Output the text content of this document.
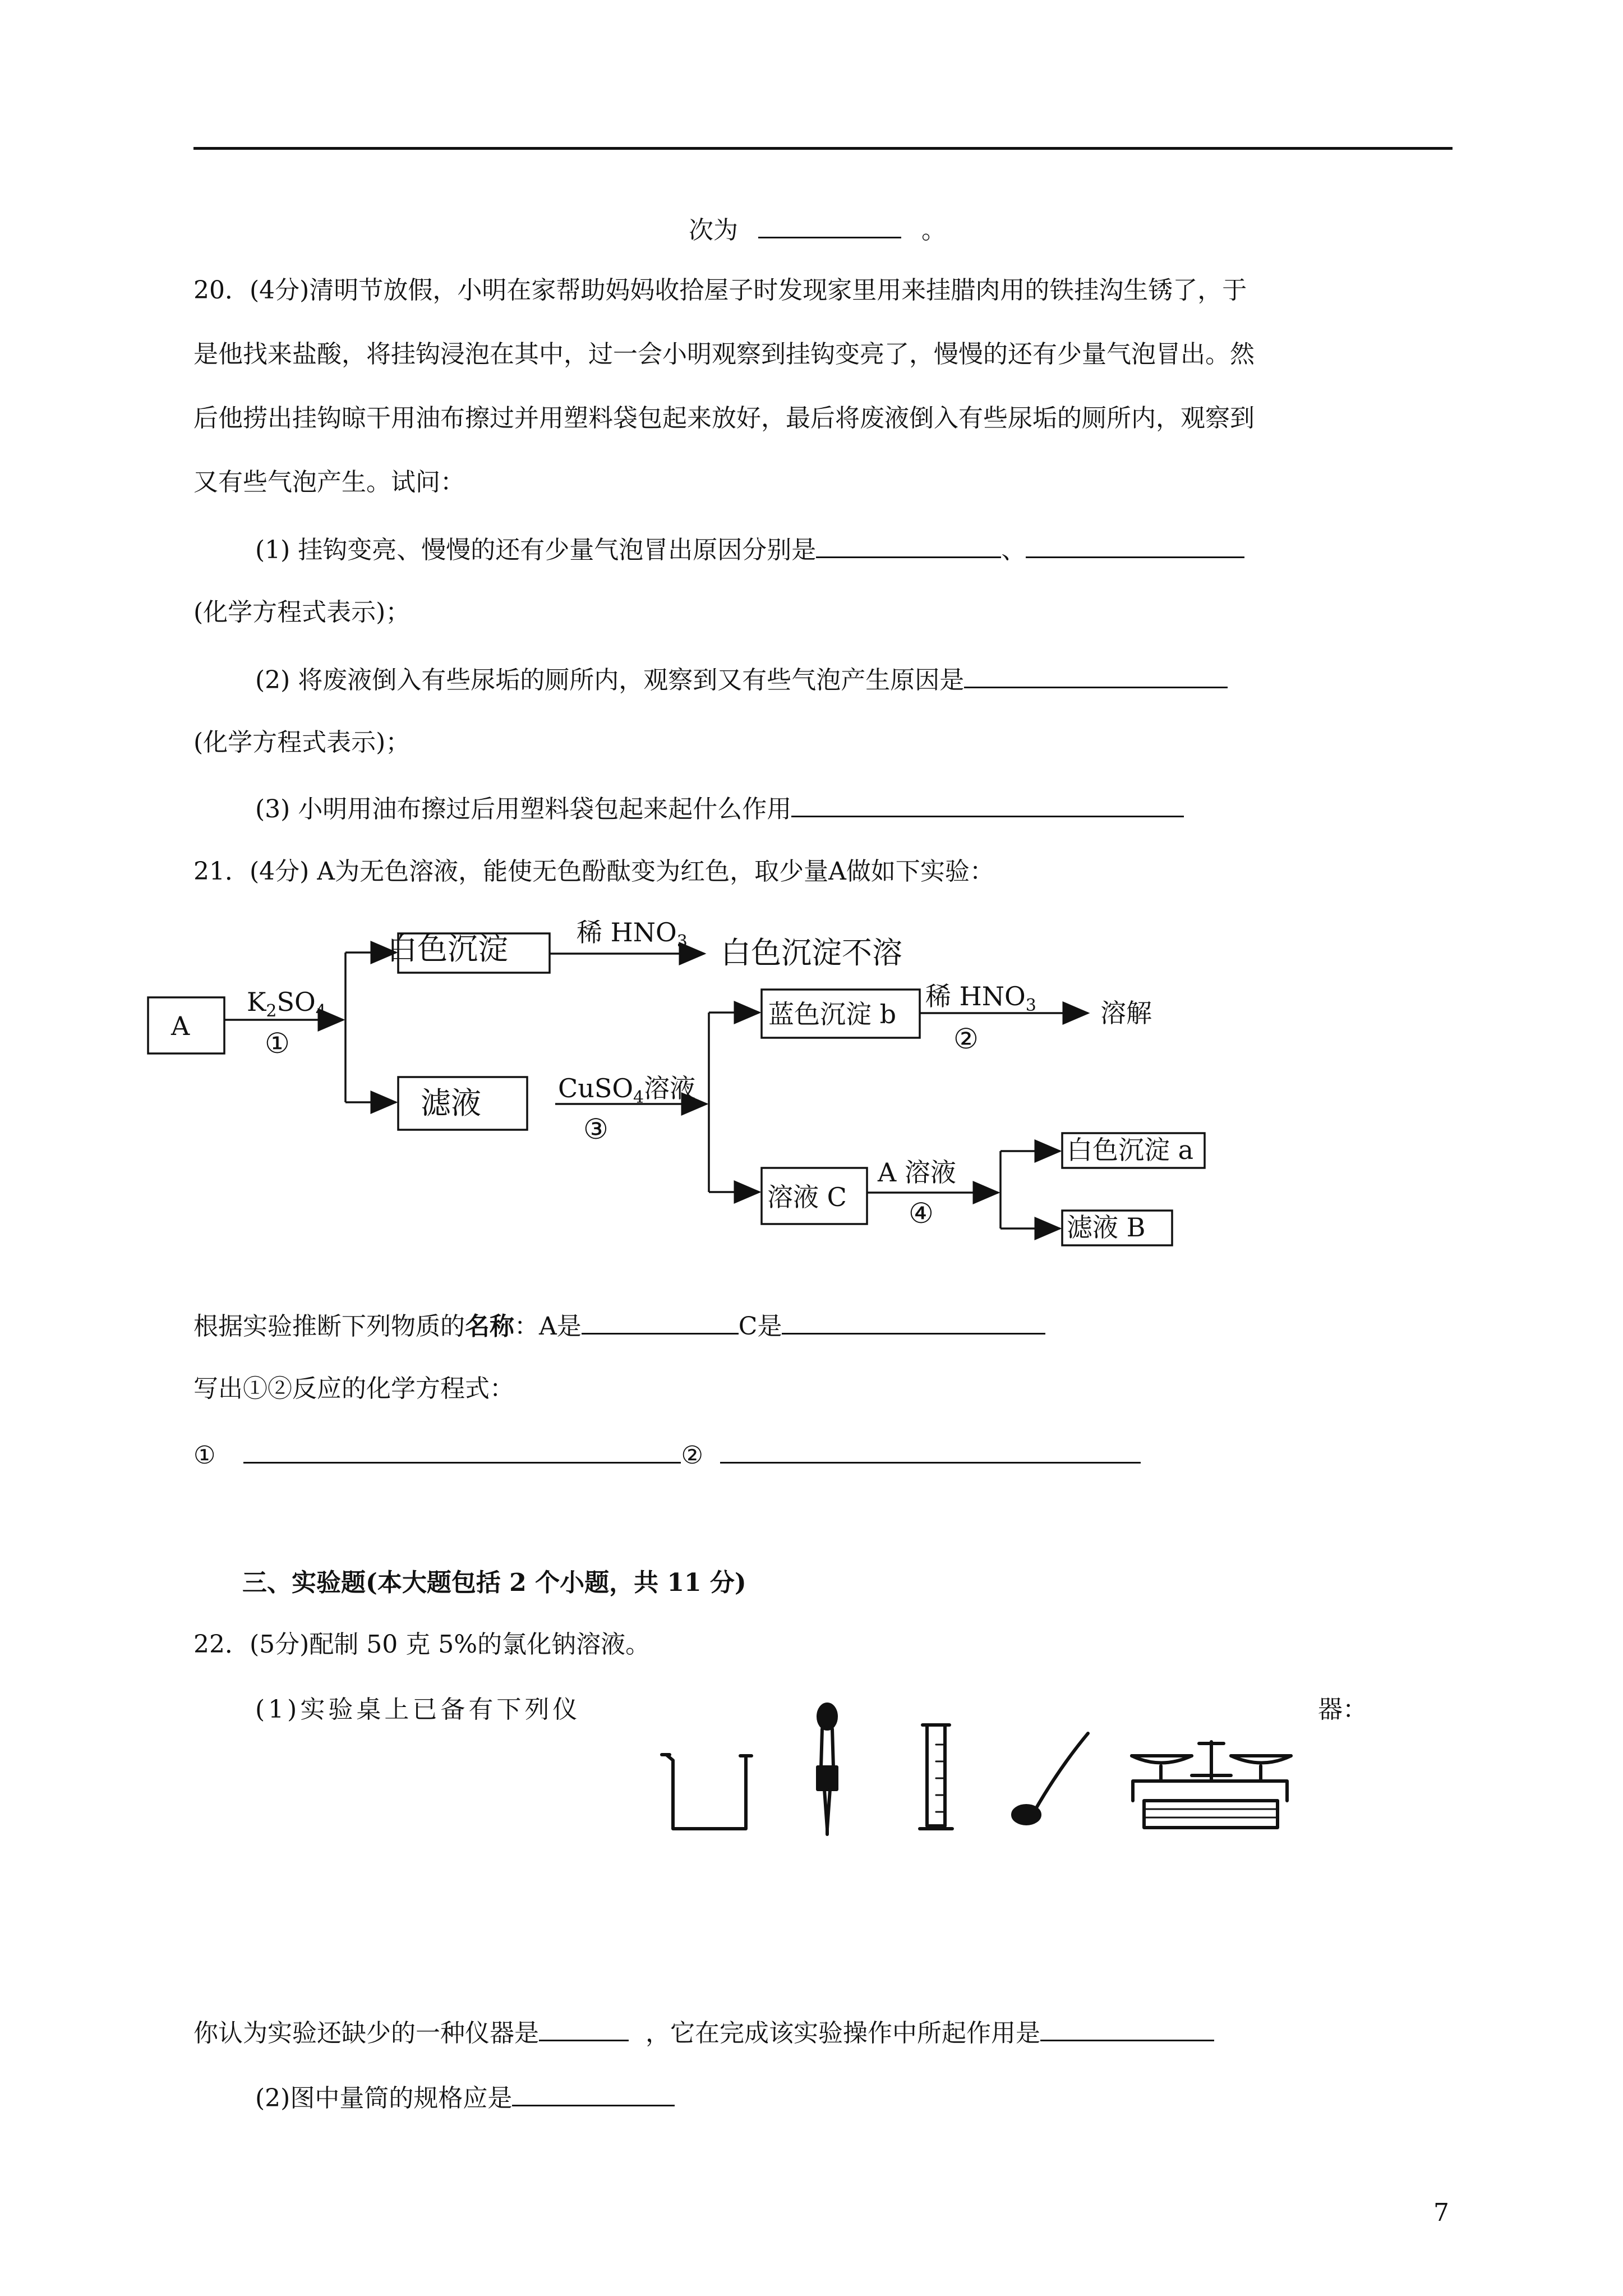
次为	。
20．(4分)清明节放假，小明在家帮助妈妈收拾屋子时发现家里用来挂腊肉用的铁挂沟生锈了，于
是他找来盐酸，将挂钩浸泡在其中，过一会小明观察到挂钩变亮了，慢慢的还有少量气泡冒出。然
后他捞出挂钩晾干用油布擦过并用塑料袋包起来放好，最后将废液倒入有些尿垢的厕所内，观察到
又有些气泡产生。试问：
(1) 挂钩变亮、慢慢的还有少量气泡冒出原因分别是	、
(化学方程式表示)；
(2) 将废液倒入有些尿垢的厕所内，观察到又有些气泡产生原因是
(化学方程式表示)；
(3) 小明用油布擦过后用塑料袋包起来起什么作用
21．(4分) A为无色溶液，能使无色酚酞变为红色，取少量A做如下实验：
A
白色沉淀	稀 $HNO_3$ 白色沉淀不溶
$K_2SO_4$
①
滤液	CuSO$_4$溶液
③
蓝色沉淀 b
稀 $HNO_3$
②
溶解
溶液 C
A 溶液
④
白色沉淀 a
滤液 B
根据实验推断下列物质的名称：A是	C是
写出①②反应的化学方程式：
①	②
三、实验题(本大题包括 2 个小题，共 11 分)
22．(5分)配制 50 克 5%的氯化钠溶液。
(1)实验桌上已备有下列仪	器：
你认为实验还缺少的一种仪器是	，它在完成该实验操作中所起作用是
(2)图中量筒的规格应是
7
